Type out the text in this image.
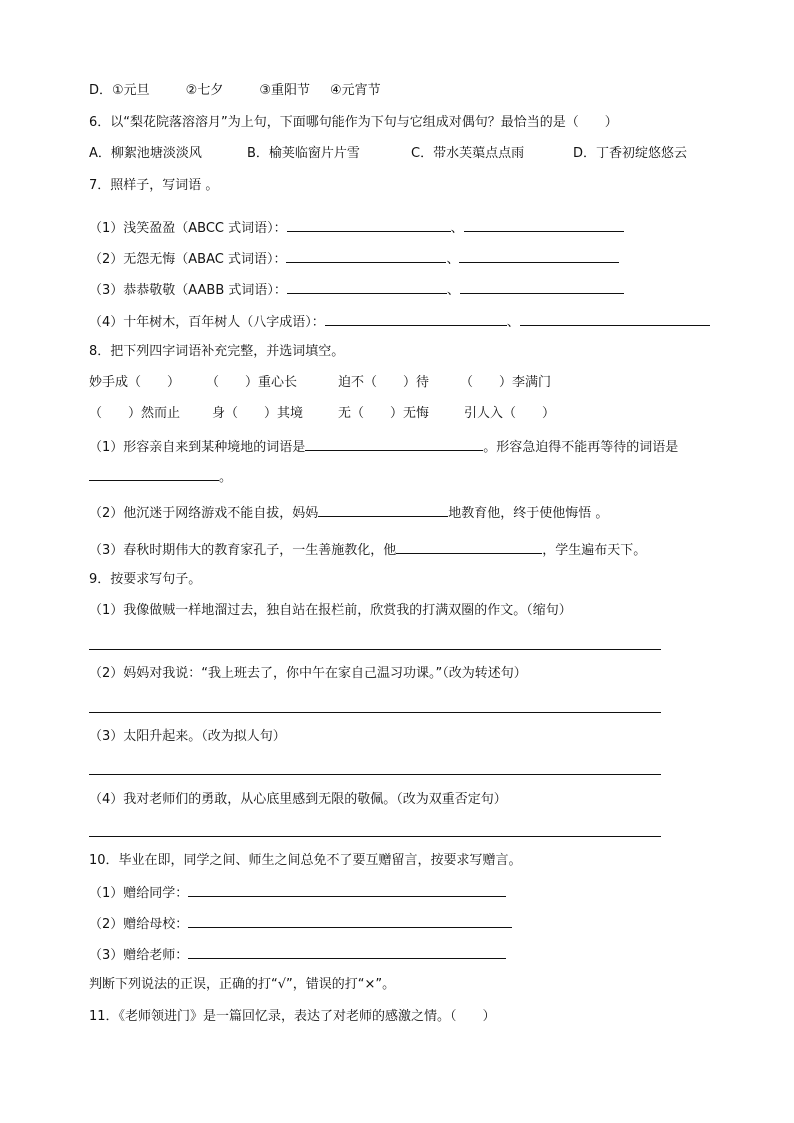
D．①元旦	②七夕	③重阳节 ④元宵节
6．以“梨花院落溶溶月”为上句，下面哪句能作为下句与它组成对偶句？最恰当的是（　　）
A．柳絮池塘淡淡风	B．榆荚临窗片片雪	C．带水芙蕖点点雨	D．丁香初绽悠悠云
7．照样子，写词语 。
（1）浅笑盈盈（ABCC 式词语）：	、
（2）无怨无悔（ABAC 式词语）：	、
（3）恭恭敬敬（AABB 式词语）：	、
（4）十年树木，百年树人（八字成语）：	、
8．把下列四字词语补充完整，并选词填空。
妙手成（　　） （　　）重心长	迫不（　　）待 （　　）李满门
（　　）然而止 身（　　）其境	无（　　）无悔	引人入（　　）
（1）形容亲自来到某种境地的词语是	。形容急迫得不能再等待的词语是
。
（2）他沉迷于网络游戏不能自拔，妈妈	地教育他，终于使他悔悟 。
（3）春秋时期伟大的教育家孔子，一生善施教化，他	，学生遍布天下。
9．按要求写句子。
（1）我像做贼一样地溜过去，独自站在报栏前，欣赏我的打满双圈的作文。（缩句）
（2）妈妈对我说：“我上班去了，你中午在家自己温习功课。”（改为转述句）
（3）太阳升起来。（改为拟人句）
（4）我对老师们的勇敢，从心底里感到无限的敬佩。（改为双重否定句）
10．毕业在即，同学之间、师生之间总免不了要互赠留言，按要求写赠言。
（1）赠给同学：
（2）赠给母校：
（3）赠给老师：
判断下列说法的正误，正确的打“√”，错误的打“×”。
11．《老师领进门》是一篇回忆录，表达了对老师的感激之情。（　　）
